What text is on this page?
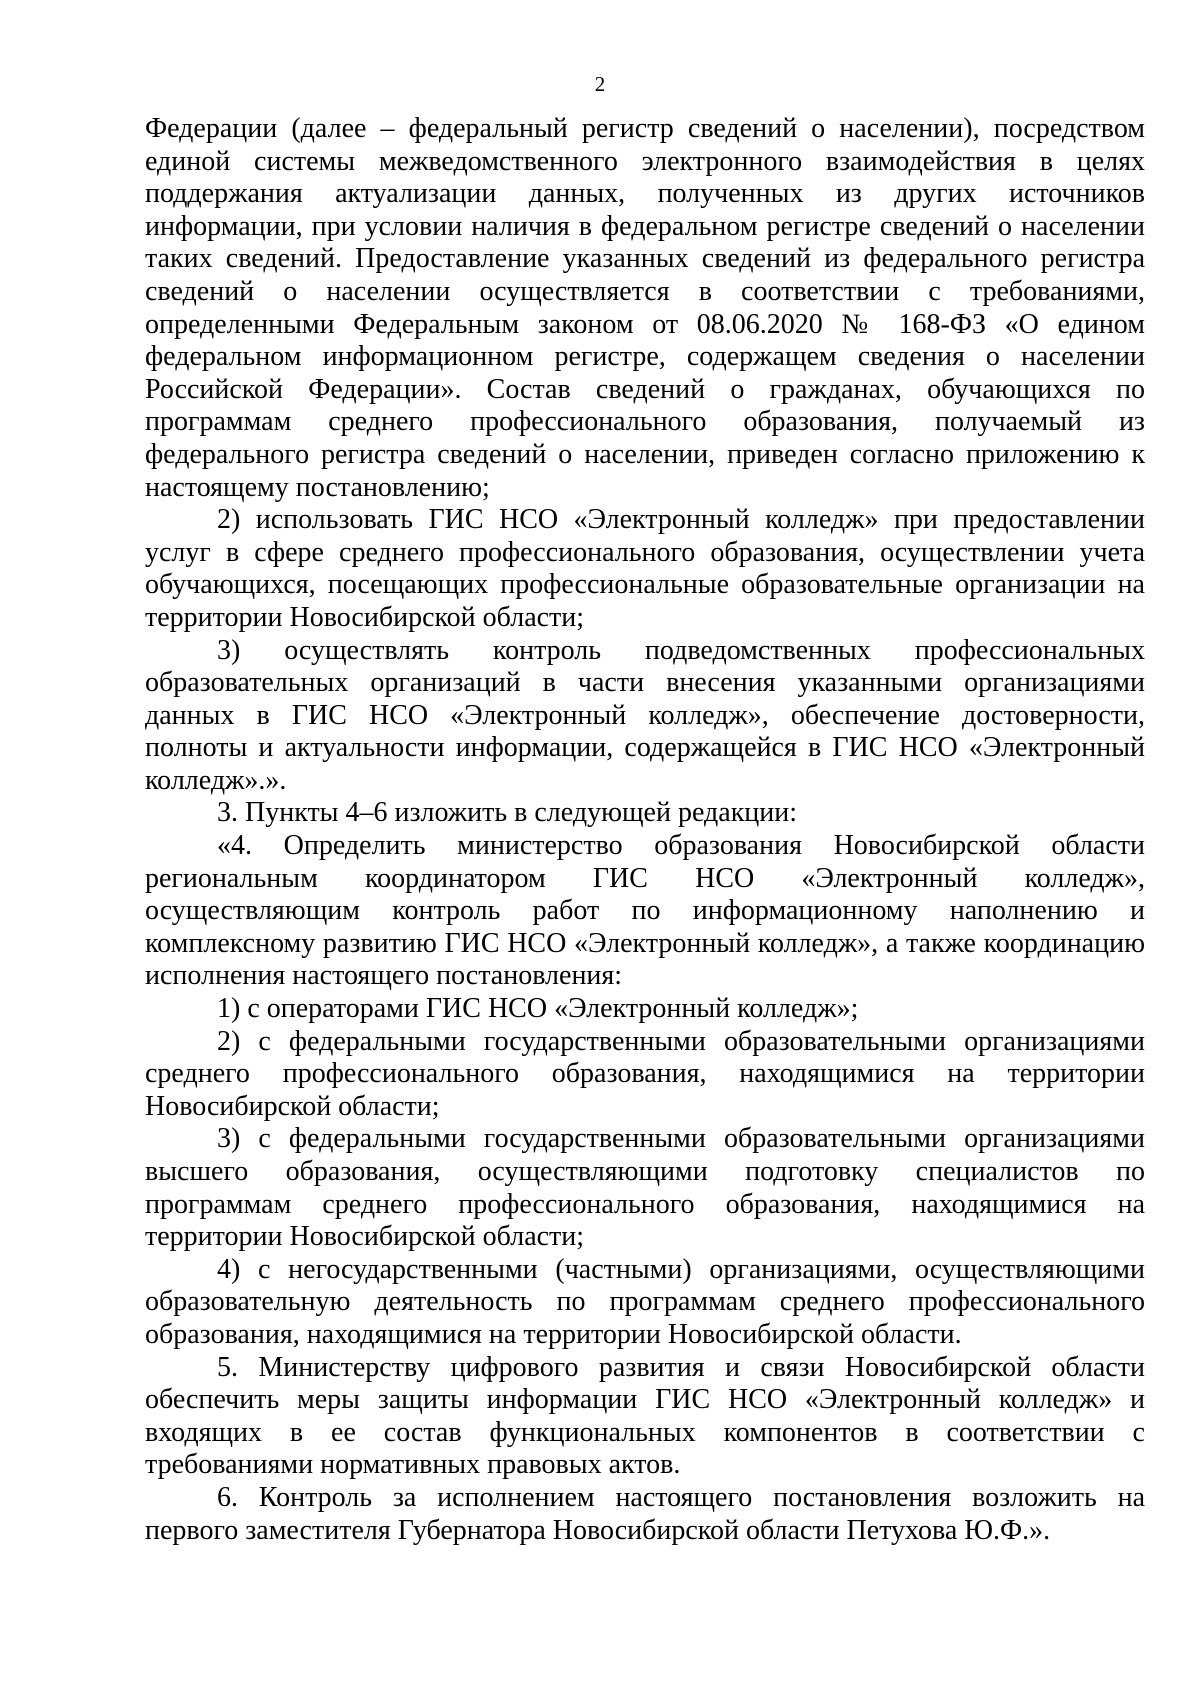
2

Федерации (далее – федеральный регистр сведений о населении), посредством единой системы межведомственного электронного взаимодействия в целях поддержания актуализации данных, полученных из других источников информации, при условии наличия в федеральном регистре сведений о населении таких сведений. Предоставление указанных сведений из федерального регистра сведений о населении осуществляется в соответствии с требованиями, определенными Федеральным законом от 08.06.2020 № 168-ФЗ «О едином федеральном информационном регистре, содержащем сведения о населении Российской Федерации». Состав сведений о гражданах, обучающихся по программам среднего профессионального образования, получаемый из федерального регистра сведений о населении, приведен согласно приложению к настоящему постановлению;

2) использовать ГИС НСО «Электронный колледж» при предоставлении услуг в сфере среднего профессионального образования, осуществлении учета обучающихся, посещающих профессиональные образовательные организации на территории Новосибирской области;

3) осуществлять контроль подведомственных профессиональных образовательных организаций в части внесения указанными организациями данных в ГИС НСО «Электронный колледж», обеспечение достоверности, полноты и актуальности информации, содержащейся в ГИС НСО «Электронный колледж».».

3. Пункты 4–6 изложить в следующей редакции:

«4. Определить министерство образования Новосибирской области региональным координатором ГИС НСО «Электронный колледж», осуществляющим контроль работ по информационному наполнению и комплексному развитию ГИС НСО «Электронный колледж», а также координацию исполнения настоящего постановления:

1) с операторами ГИС НСО «Электронный колледж»;

2) с федеральными государственными образовательными организациями среднего профессионального образования, находящимися на территории Новосибирской области;

3) с федеральными государственными образовательными организациями высшего образования, осуществляющими подготовку специалистов по программам среднего профессионального образования, находящимися на территории Новосибирской области;

4) с негосударственными (частными) организациями, осуществляющими образовательную деятельность по программам среднего профессионального образования, находящимися на территории Новосибирской области.

5. Министерству цифрового развития и связи Новосибирской области обеспечить меры защиты информации ГИС НСО «Электронный колледж» и входящих в ее состав функциональных компонентов в соответствии с требованиями нормативных правовых актов.

6. Контроль за исполнением настоящего постановления возложить на первого заместителя Губернатора Новосибирской области Петухова Ю.Ф.».
